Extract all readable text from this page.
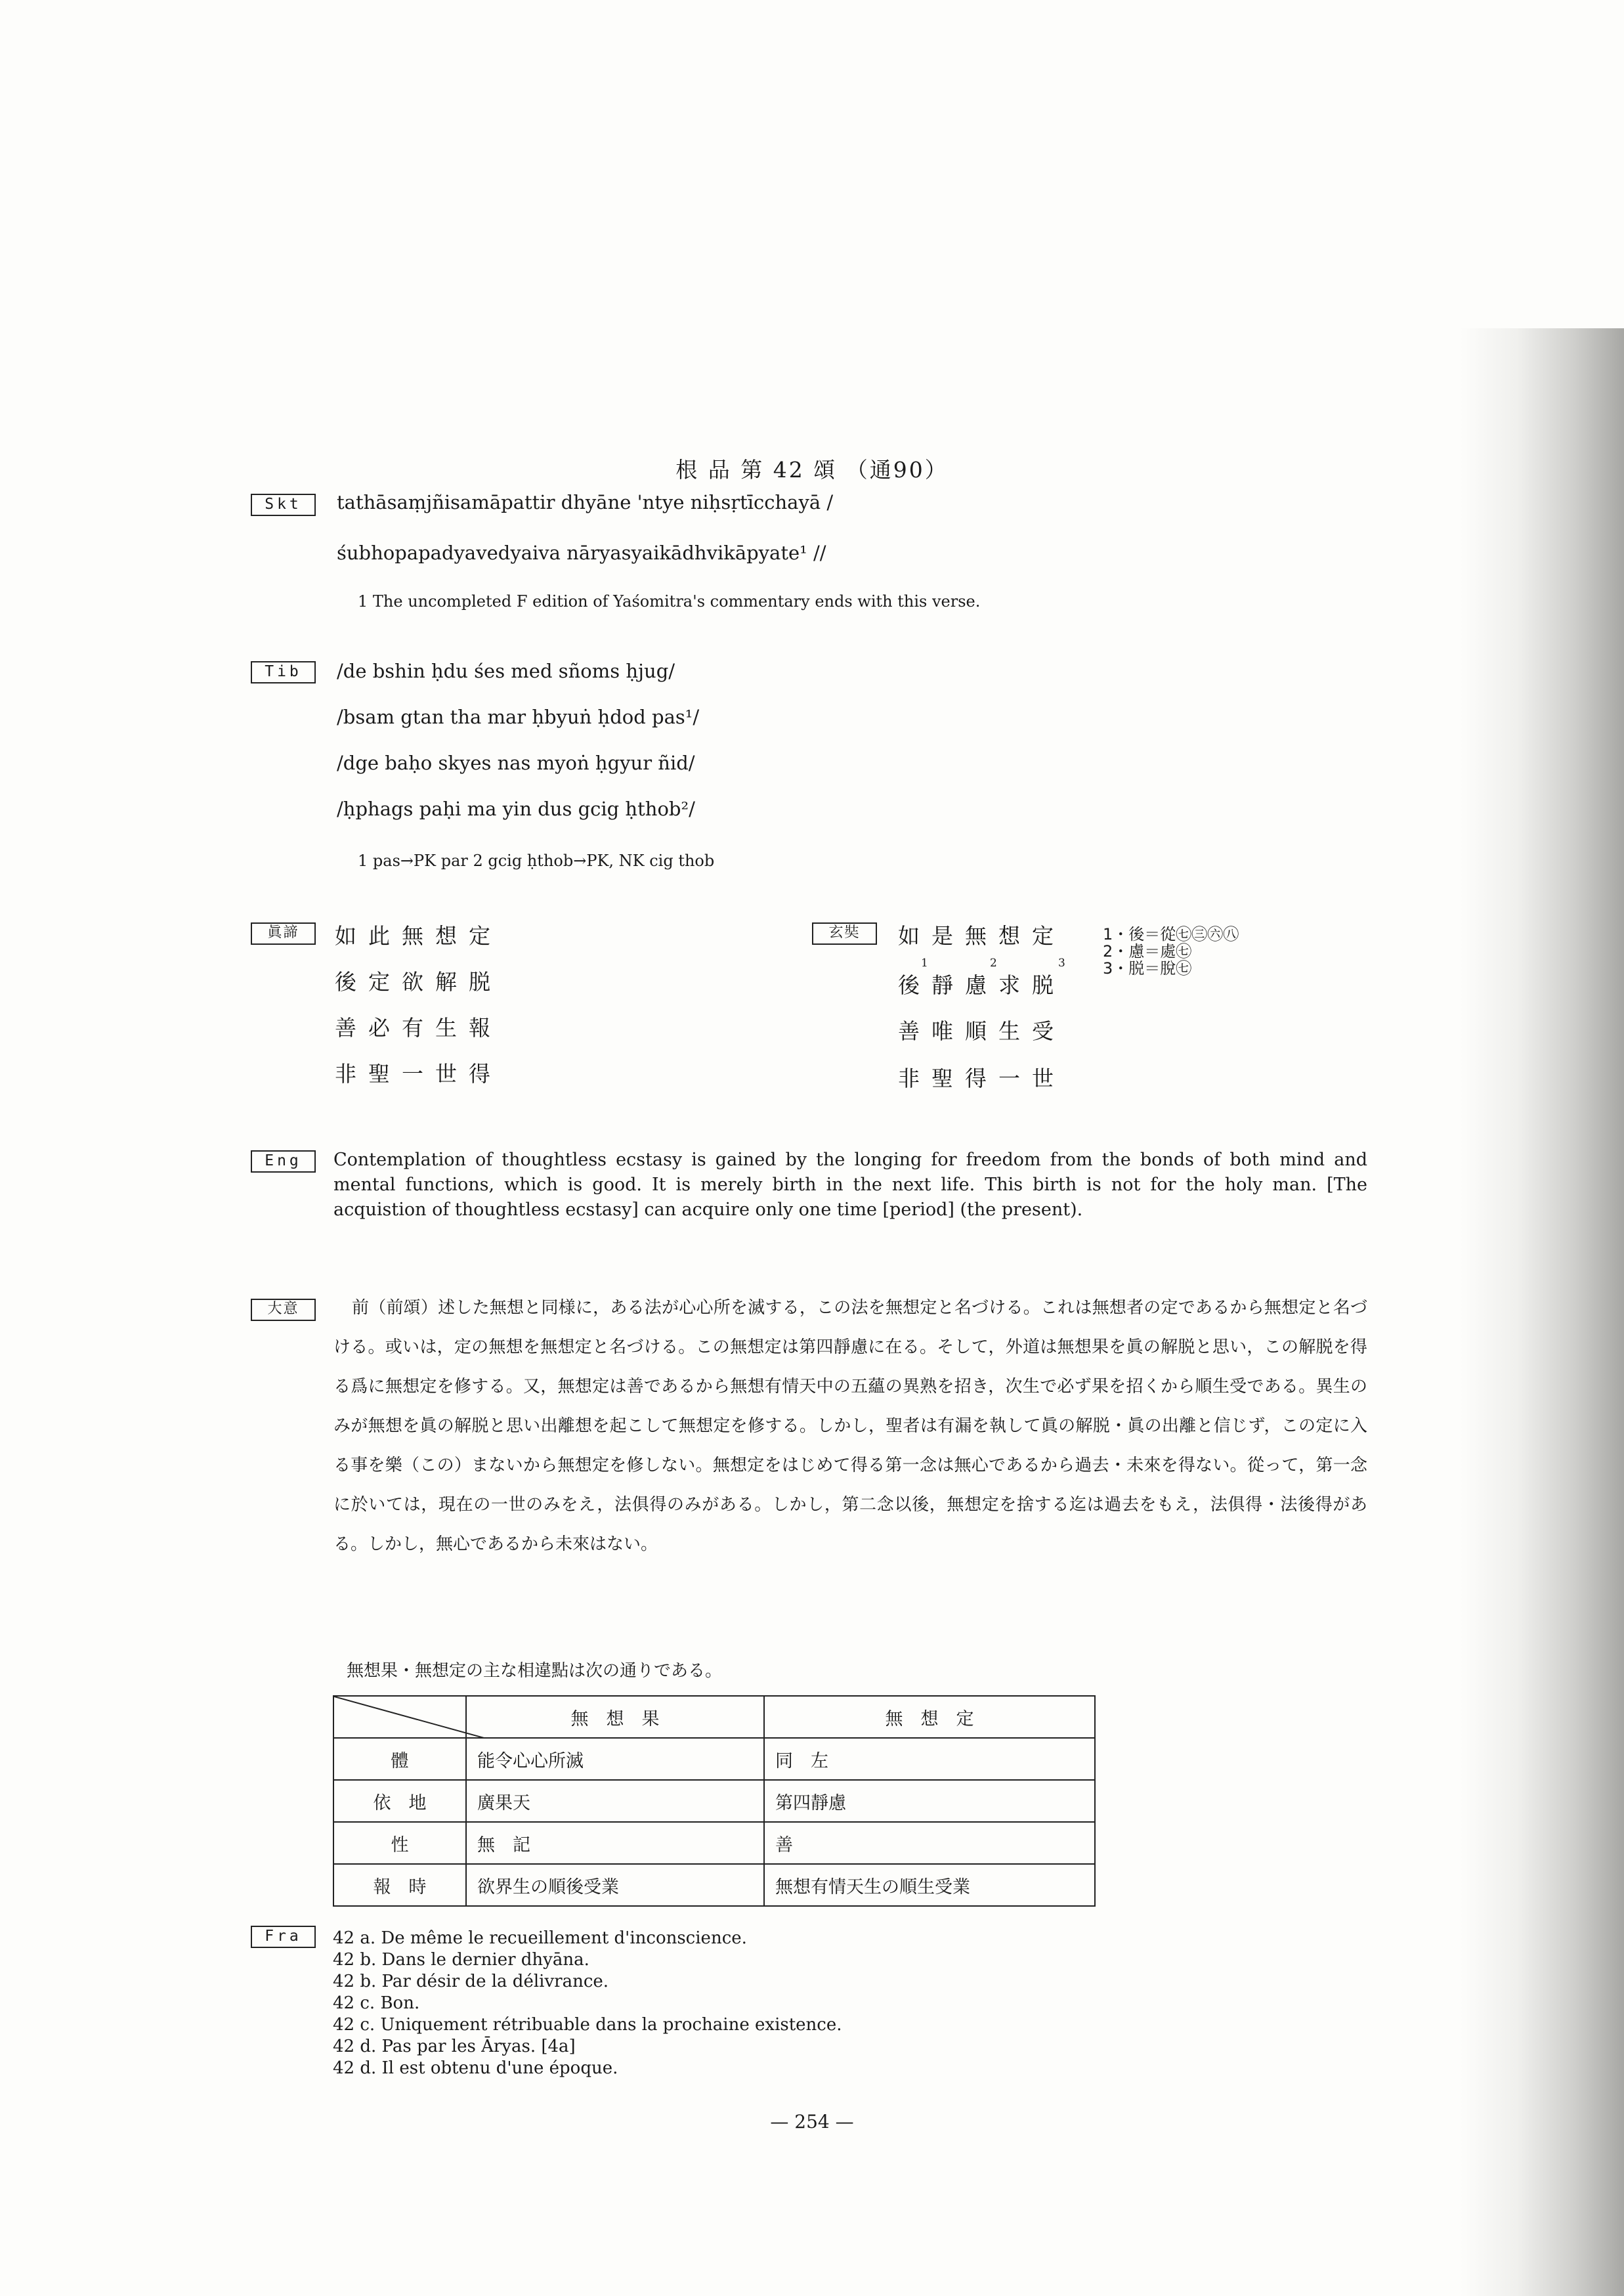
根 品 第 42 頌 （通90）
Skt	tathāsaṃjñisamāpattir dhyāne 'ntye niḥsṛtīcchayā /
śubhopapadyavedyaiva nāryasyaikādhvikāpyate¹ //
1 The uncompleted F edition of Yaśomitra's commentary ends with this verse.
Tib	/de bshin ḥdu śes med sñoms ḥjug/
/bsam gtan tha mar ḥbyuṅ ḥdod pas¹/
/dge baḥo skyes nas myoṅ ḥgyur ñid/
/ḥphags paḥi ma yin dus gcig ḥthob²/
1 pas→PK par 2 gcig ḥthob→PK, NK cig thob
眞諦	如此無想定
後定欲解脱
善必有生報
非聖一世得
玄奘	如是無想定
1	2	3
後靜慮求脱
善唯順生受
非聖得一世
1・後＝從㊆㊂㊅㊇
2・慮＝處㊆
3・脱＝脫㊆
Eng	Contemplation of thoughtless ecstasy is gained by the longing for freedom from the bonds of both mind and mental functions, which is good. It is merely birth in the next life. This birth is not for the holy man. [The acquistion of thoughtless ecstasy] can acquire only one time [period] (the present).
大意	前（前頌）述した無想と同様に，ある法が心心所を滅する，この法を無想定と名づける。これは無想者の定であるから無想定と名づける。或いは，定の無想を無想定と名づける。この無想定は第四靜慮に在る。そして，外道は無想果を眞の解脱と思い，この解脱を得る爲に無想定を修する。又，無想定は善であるから無想有情天中の五蘊の異熟を招き，次生で必ず果を招くから順生受である。異生のみが無想を眞の解脱と思い出離想を起こして無想定を修する。しかし，聖者は有漏を執して眞の解脱・眞の出離と信じず，この定に入る事を樂（この）まないから無想定を修しない。無想定をはじめて得る第一念は無心であるから過去・未來を得ない。從って，第一念に於いては，現在の一世のみをえ，法俱得のみがある。しかし，第二念以後，無想定を捨する迄は過去をもえ，法俱得・法後得がある。しかし，無心であるから未來はない。
無想果・無想定の主な相違點は次の通りである。
	無　想　果	無　想　定
體	能令心心所滅	同　左
依　地	廣果天	第四靜慮
性	無　記	善
報　時	欲界生の順後受業	無想有情天生の順生受業
Fra	42 a. De même le recueillement d'inconscience.
42 b. Dans le dernier dhyāna.
42 b. Par désir de la délivrance.
42 c. Bon.
42 c. Uniquement rétribuable dans la prochaine existence.
42 d. Pas par les Āryas. [4a]
42 d. Il est obtenu d'une époque.
— 254 —
